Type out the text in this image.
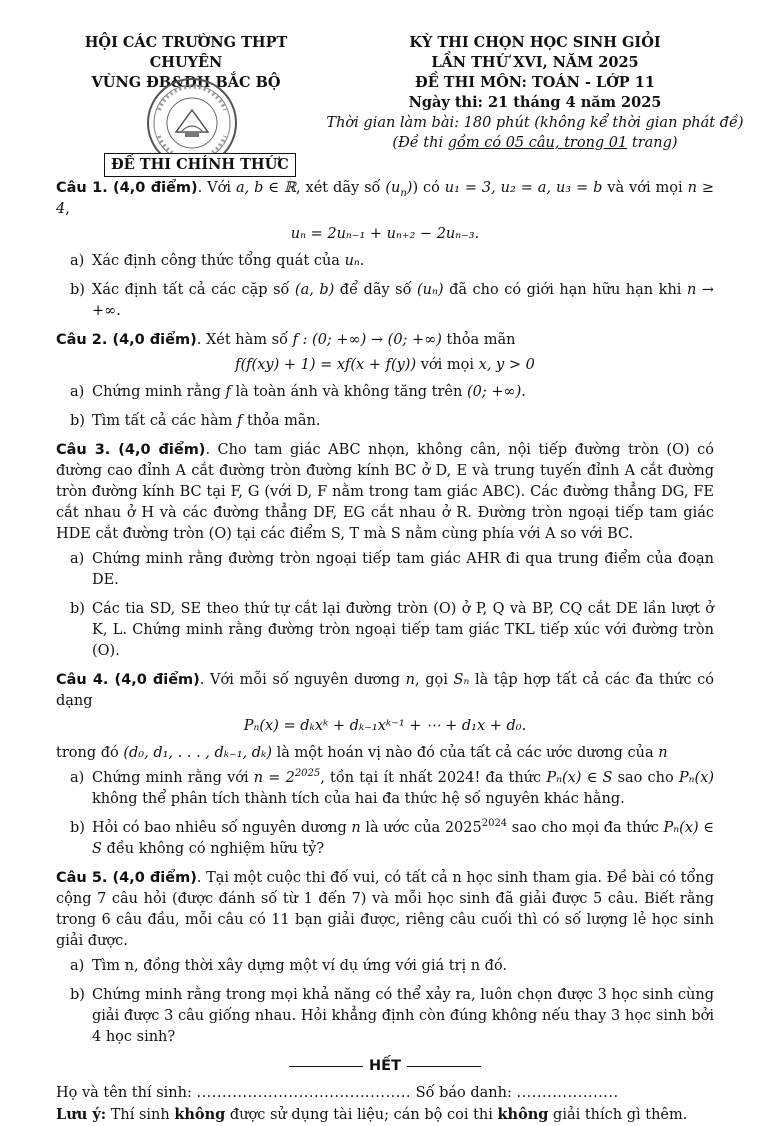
HỘI CÁC TRƯỜNG THPT CHUYÊN
VÙNG ĐB&DH BẮC BỘ
ĐỀ THI CHÍNH THỨC
KỲ THI CHỌN HỌC SINH GIỎI
LẦN THỨ XVI, NĂM 2025
ĐỀ THI MÔN: TOÁN - LỚP 11
Ngày thi: 21 tháng 4 năm 2025
Thời gian làm bài: 180 phút (không kể thời gian phát đề)
(Đề thi gồm có 05 câu, trong 01 trang)
Câu 1. (4,0 điểm). Với a, b ∈ ℝ, xét dãy số $(u_n)$) có u₁ = 3, u₂ = a, u₃ = b và với mọi n ≥ 4,
uₙ = 2uₙ₋₁ + uₙ₊₂ − 2uₙ₋₃.
a) Xác định công thức tổng quát của uₙ.
b) Xác định tất cả các cặp số (a, b) để dãy số (uₙ) đã cho có giới hạn hữu hạn khi n → +∞.
Câu 2. (4,0 điểm). Xét hàm số f : (0; +∞) → (0; +∞) thỏa mãn
f(f(xy) + 1) = xf(x + f(y)) với mọi x, y > 0
a) Chứng minh rằng f là toàn ánh và không tăng trên (0; +∞).
b) Tìm tất cả các hàm f thỏa mãn.
Câu 3. (4,0 điểm). Cho tam giác ABC nhọn, không cân, nội tiếp đường tròn (O) có đường cao đỉnh A cắt đường tròn đường kính BC ở D, E và trung tuyến đỉnh A cắt đường tròn đường kính BC tại F, G (với D, F nằm trong tam giác ABC). Các đường thẳng DG, FE cắt nhau ở H và các đường thẳng DF, EG cắt nhau ở R. Đường tròn ngoại tiếp tam giác HDE cắt đường tròn (O) tại các điểm S, T mà S nằm cùng phía với A so với BC.
a) Chứng minh rằng đường tròn ngoại tiếp tam giác AHR đi qua trung điểm của đoạn DE.
b) Các tia SD, SE theo thứ tự cắt lại đường tròn (O) ở P, Q và BP, CQ cắt DE lần lượt ở K, L. Chứng minh rằng đường tròn ngoại tiếp tam giác TKL tiếp xúc với đường tròn (O).
Câu 4. (4,0 điểm). Với mỗi số nguyên dương n, gọi Sₙ là tập hợp tất cả các đa thức có dạng
Pₙ(x) = dₖxᵏ + dₖ₋₁xᵏ⁻¹ + ⋯ + d₁x + d₀.
trong đó (d₀, d₁, . . . , dₖ₋₁, dₖ) là một hoán vị nào đó của tất cả các ước dương của n
a) Chứng minh rằng với $n = 2^{2025}$, tồn tại ít nhất 2024! đa thức Pₙ(x) ∈ S sao cho Pₙ(x) không thể phân tích thành tích của hai đa thức hệ số nguyên khác hằng.
b) Hỏi có bao nhiêu số nguyên dương n là ước của $2025^{2024}$ sao cho mọi đa thức Pₙ(x) ∈ S đều không có nghiệm hữu tỷ?
Câu 5. (4,0 điểm). Tại một cuộc thi đố vui, có tất cả n học sinh tham gia. Đề bài có tổng cộng 7 câu hỏi (được đánh số từ 1 đến 7) và mỗi học sinh đã giải được 5 câu. Biết rằng trong 6 câu đầu, mỗi câu có 11 bạn giải được, riêng câu cuối thì có số lượng lẻ học sinh giải được.
a) Tìm n, đồng thời xây dựng một ví dụ ứng với giá trị n đó.
b) Chứng minh rằng trong mọi khả năng có thể xảy ra, luôn chọn được 3 học sinh cùng giải được 3 câu giống nhau. Hỏi khẳng định còn đúng không nếu thay 3 học sinh bởi 4 học sinh?
HẾT
Họ và tên thí sinh: .......................................... Số báo danh: ....................
Lưu ý: Thí sinh không được sử dụng tài liệu; cán bộ coi thi không giải thích gì thêm.
